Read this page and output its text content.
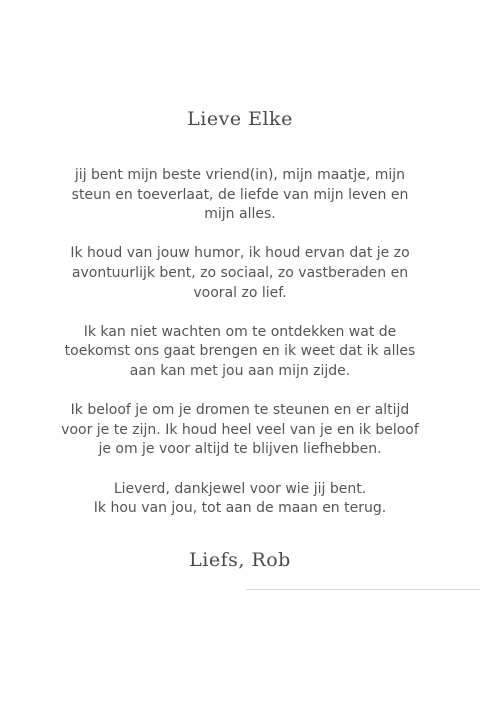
Lieve Elke

jij bent mijn beste vriend(in), mijn maatje, mijn
steun en toeverlaat, de liefde van mijn leven en
mijn alles.

Ik houd van jouw humor, ik houd ervan dat je zo
avontuurlijk bent, zo sociaal, zo vastberaden en
vooral zo lief.

Ik kan niet wachten om te ontdekken wat de
toekomst ons gaat brengen en ik weet dat ik alles
aan kan met jou aan mijn zijde.

Ik beloof je om je dromen te steunen en er altijd
voor je te zijn. Ik houd heel veel van je en ik beloof
je om je voor altijd te blijven liefhebben.

Lieverd, dankjewel voor wie jij bent.
Ik hou van jou, tot aan de maan en terug.

Liefs, Rob
